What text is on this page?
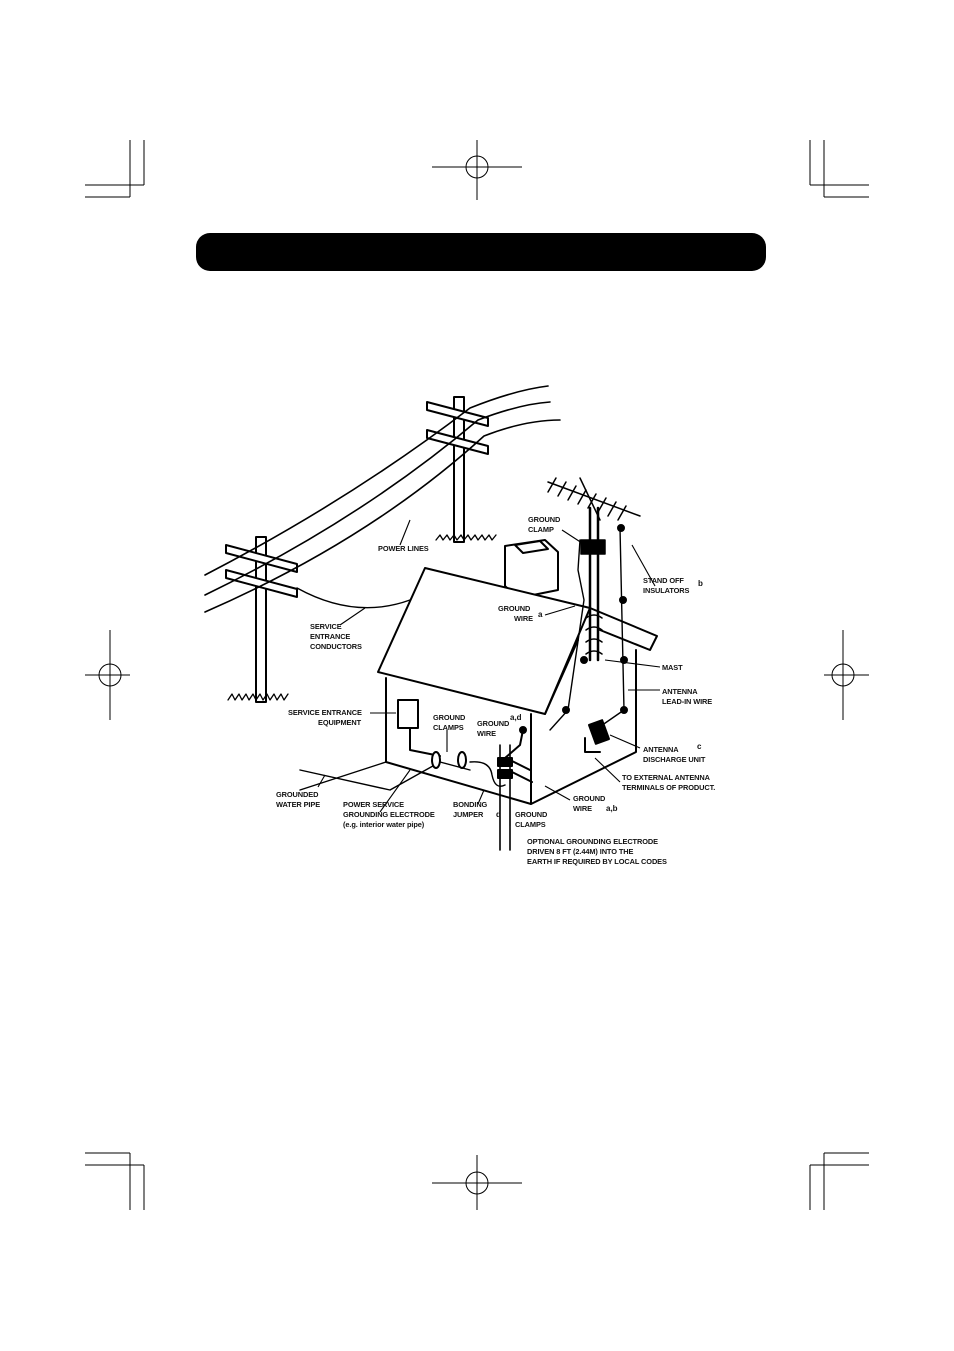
POWER LINES
SERVICE
ENTRANCE
CONDUCTORS
SERVICE ENTRANCE
EQUIPMENT
GROUNDED
WATER PIPE	POWER SERVICE
GROUNDING ELECTRODE
(e.g. interior water pipe)
GROUND
CLAMPS GROUND
WIRE
a,d
BONDING
JUMPER d GROUND
CLAMPS
OPTIONAL GROUNDING ELECTRODE
DRIVEN 8 FT (2.44M) INTO THE
EARTH IF REQUIRED BY LOCAL CODES
GROUND
CLAMP
GROUND
WIRE a
STAND OFF
INSULATORS
b
MAST
ANTENNA
LEAD-IN WIRE
ANTENNA
DISCHARGE UNIT
c
TO EXTERNAL ANTENNA
TERMINALS OF PRODUCT.
GROUND
WIRE a,b
